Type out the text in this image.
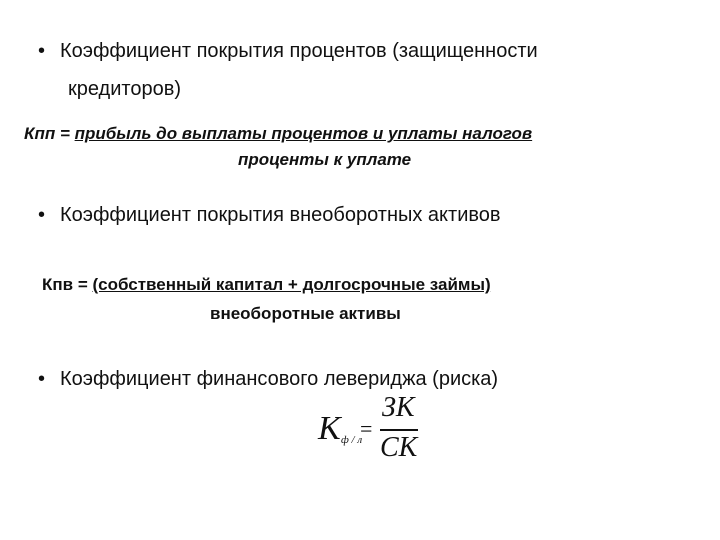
• Коэффициент покрытия процентов (защищенности
кредиторов)
Кпп = прибыль до выплаты процентов и уплаты налогов
проценты к уплате
• Коэффициент покрытия внеоборотных активов
Кпв = (собственный капитал + долгосрочные займы)
внеоборотные активы
• Коэффициент финансового левериджа (риска)
K ф / л
=
ЗК
СК
